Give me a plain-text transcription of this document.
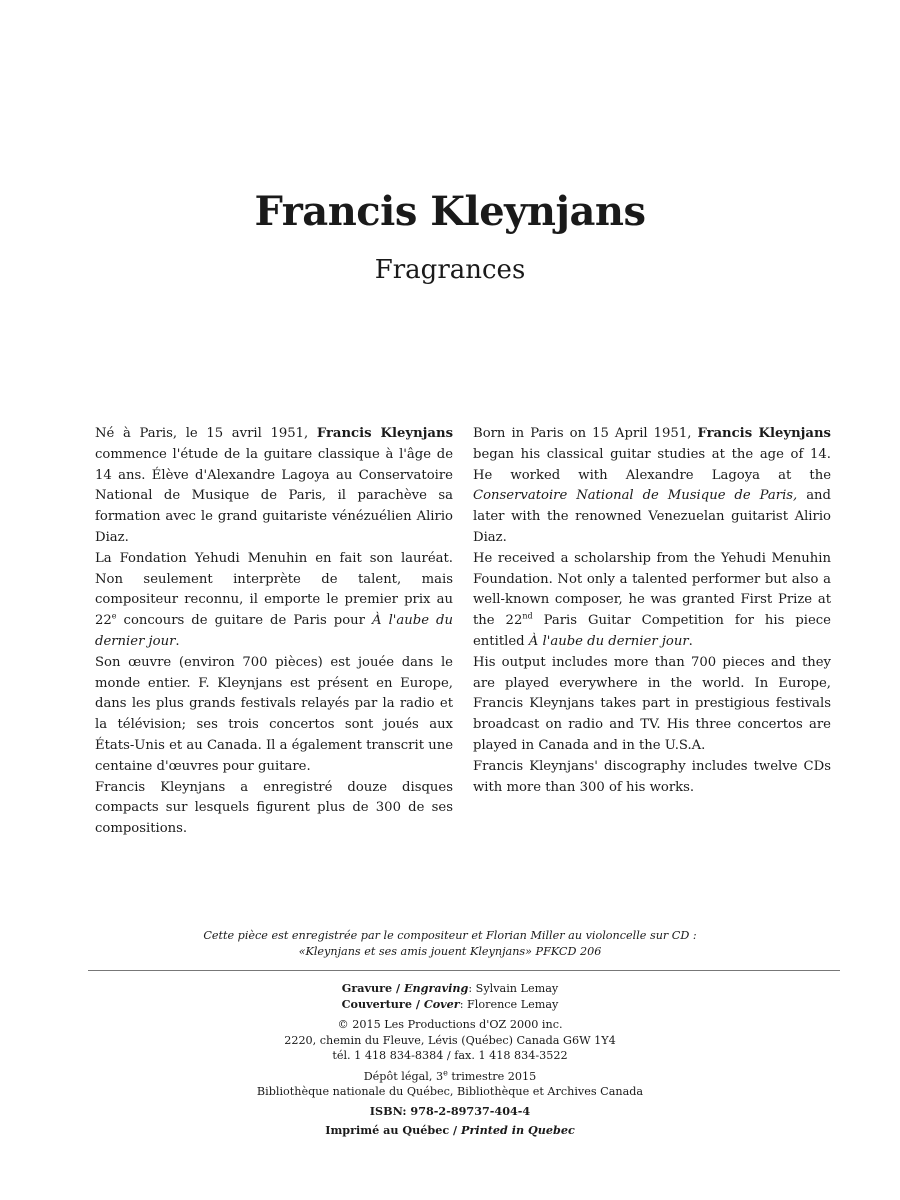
Francis Kleynjans
Fragrances

Né à Paris, le 15 avril 1951, Francis Kleynjans commence l'étude de la guitare classique à l'âge de 14 ans. Élève d'Alexandre Lagoya au Conservatoire National de Musique de Paris, il parachève sa formation avec le grand guitariste vénézuélien Alirio Diaz.

La Fondation Yehudi Menuhin en fait son lauréat. Non seulement interprète de talent, mais compositeur reconnu, il emporte le premier prix au 22e concours de guitare de Paris pour À l'aube du dernier jour.

Son œuvre (environ 700 pièces) est jouée dans le monde entier. F. Kleynjans est présent en Europe, dans les plus grands festivals relayés par la radio et la télévision; ses trois concertos sont joués aux États-Unis et au Canada. Il a également transcrit une centaine d'œuvres pour guitare.

Francis Kleynjans a enregistré douze disques compacts sur lesquels figurent plus de 300 de ses compositions.

Born in Paris on 15 April 1951, Francis Kleynjans began his classical guitar studies at the age of 14. He worked with Alexandre Lagoya at the Conservatoire National de Musique de Paris, and later with the renowned Venezuelan guitarist Alirio Diaz.

He received a scholarship from the Yehudi Menuhin Foundation. Not only a talented performer but also a well-known composer, he was granted First Prize at the 22nd Paris Guitar Competition for his piece entitled À l'aube du dernier jour.

His output includes more than 700 pieces and they are played everywhere in the world. In Europe, Francis Kleynjans takes part in prestigious festivals broadcast on radio and TV. His three concertos are played in Canada and in the U.S.A.

Francis Kleynjans' discography includes twelve CDs with more than 300 of his works.

Cette pièce est enregistrée par le compositeur et Florian Miller au violoncelle sur CD :
«Kleynjans et ses amis jouent Kleynjans» PFKCD 206
Gravure / Engraving: Sylvain Lemay
Couverture / Cover: Florence Lemay
© 2015 Les Productions d'OZ 2000 inc.
2220, chemin du Fleuve, Lévis (Québec) Canada G6W 1Y4
tél. 1 418 834-8384 / fax. 1 418 834-3522
Dépôt légal, 3e trimestre 2015
Bibliothèque nationale du Québec, Bibliothèque et Archives Canada
ISBN: 978-2-89737-404-4
Imprimé au Québec / Printed in Quebec
